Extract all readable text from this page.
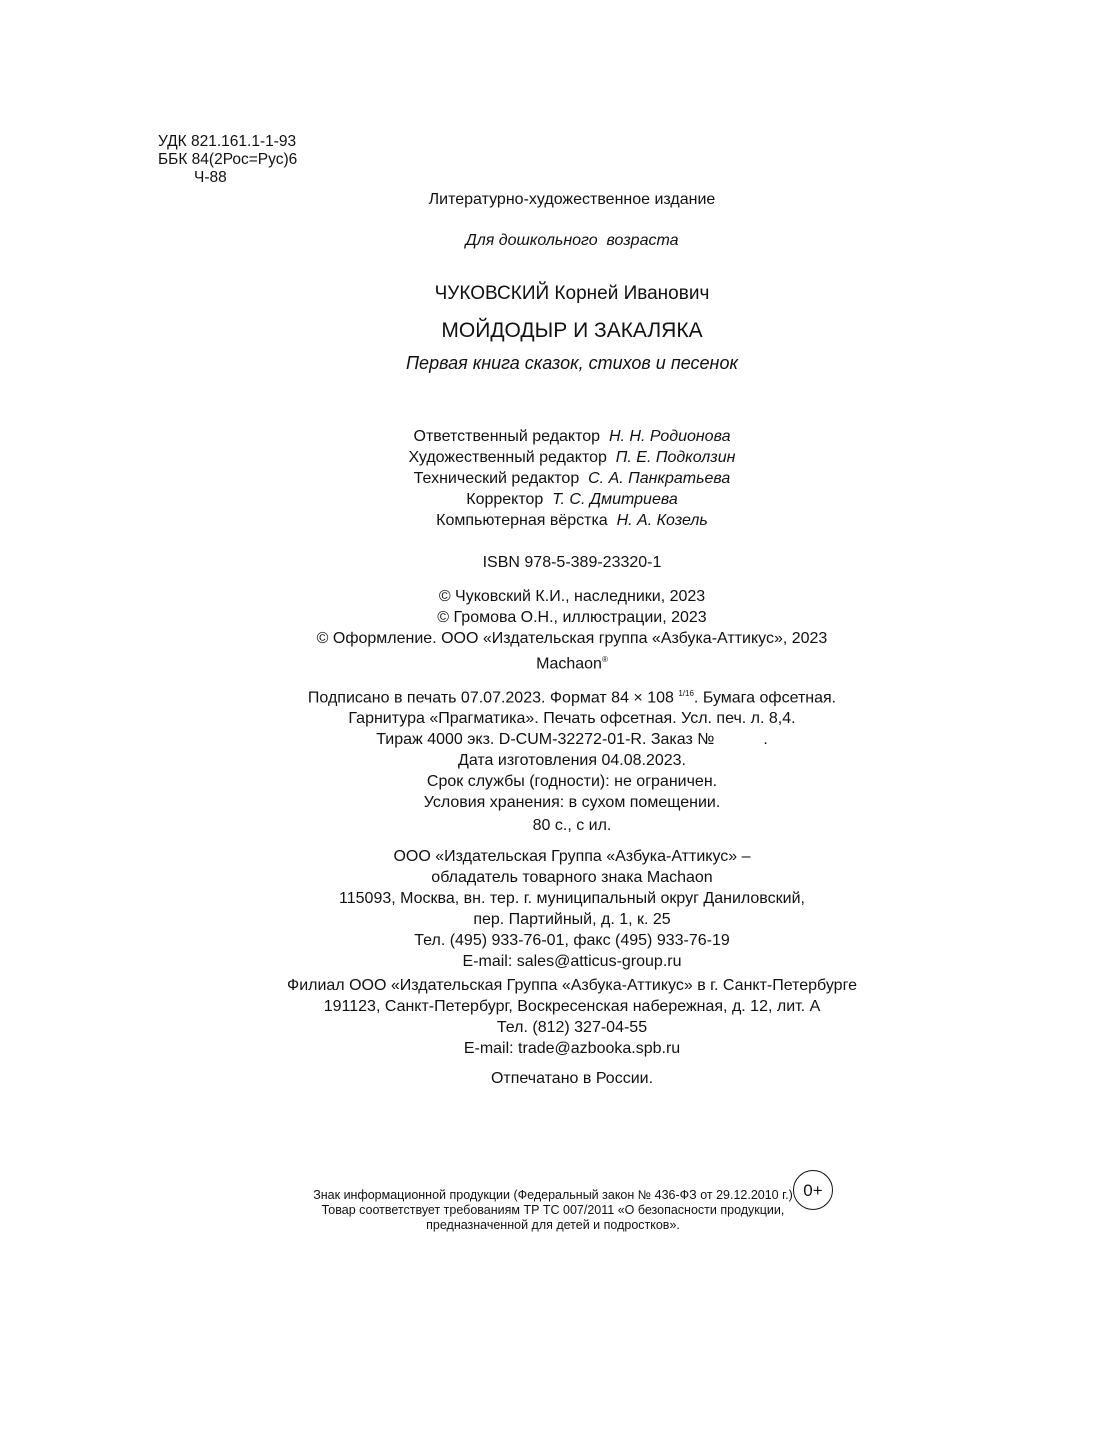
УДК 821.161.1-1-93
ББК 84(2Рос=Рус)6
Ч-88
Литературно-художественное издание
Для дошкольного  возраста
ЧУКОВСКИЙ Корней Иванович
МОЙДОДЫР И ЗАКАЛЯКА
Первая книга сказок, стихов и песенок
Ответственный редактор Н. Н. Родионова
Художественный редактор П. Е. Подколзин
Технический редактор С. А. Панкратьева
Корректор Т. С. Дмитриева
Компьютерная вёрстка Н. А. Козель
ISBN 978-5-389-23320-1
© Чуковский К.И., наследники, 2023
© Громова О.Н., иллюстрации, 2023
© Оформление. ООО «Издательская группа «Азбука-Аттикус», 2023
Machaon®
Подписано в печать 07.07.2023. Формат 84 × 108 $^{1/16}$. Бумага офсетная.
Гарнитура «Прагматика». Печать офсетная. Усл. печ. л. 8,4.
Тираж 4000 экз. D-CUM-32272-01-R. Заказ №           .
Дата изготовления 04.08.2023.
Срок службы (годности): не ограничен.
Условия хранения: в сухом помещении.
80 с., с ил.
ООО «Издательская Группа «Азбука-Аттикус» –
обладатель товарного знака Machaon
115093, Москва, вн. тер. г. муниципальный округ Даниловский,
пер. Партийный, д. 1, к. 25
Тел. (495) 933-76-01, факс (495) 933-76-19
E-mail: sales@atticus-group.ru
Филиал ООО «Издательская Группа «Азбука-Аттикус» в г. Санкт-Петербурге
191123, Санкт-Петербург, Воскресенская набережная, д. 12, лит. А
Тел. (812) 327-04-55
E-mail: trade@azbooka.spb.ru
Отпечатано в России.
Знак информационной продукции (Федеральный закон № 436-ФЗ от 29.12.2010 г.)
Товар соответствует требованиям ТР ТС 007/2011 «О безопасности продукции,
предназначенной для детей и подростков».
0+
